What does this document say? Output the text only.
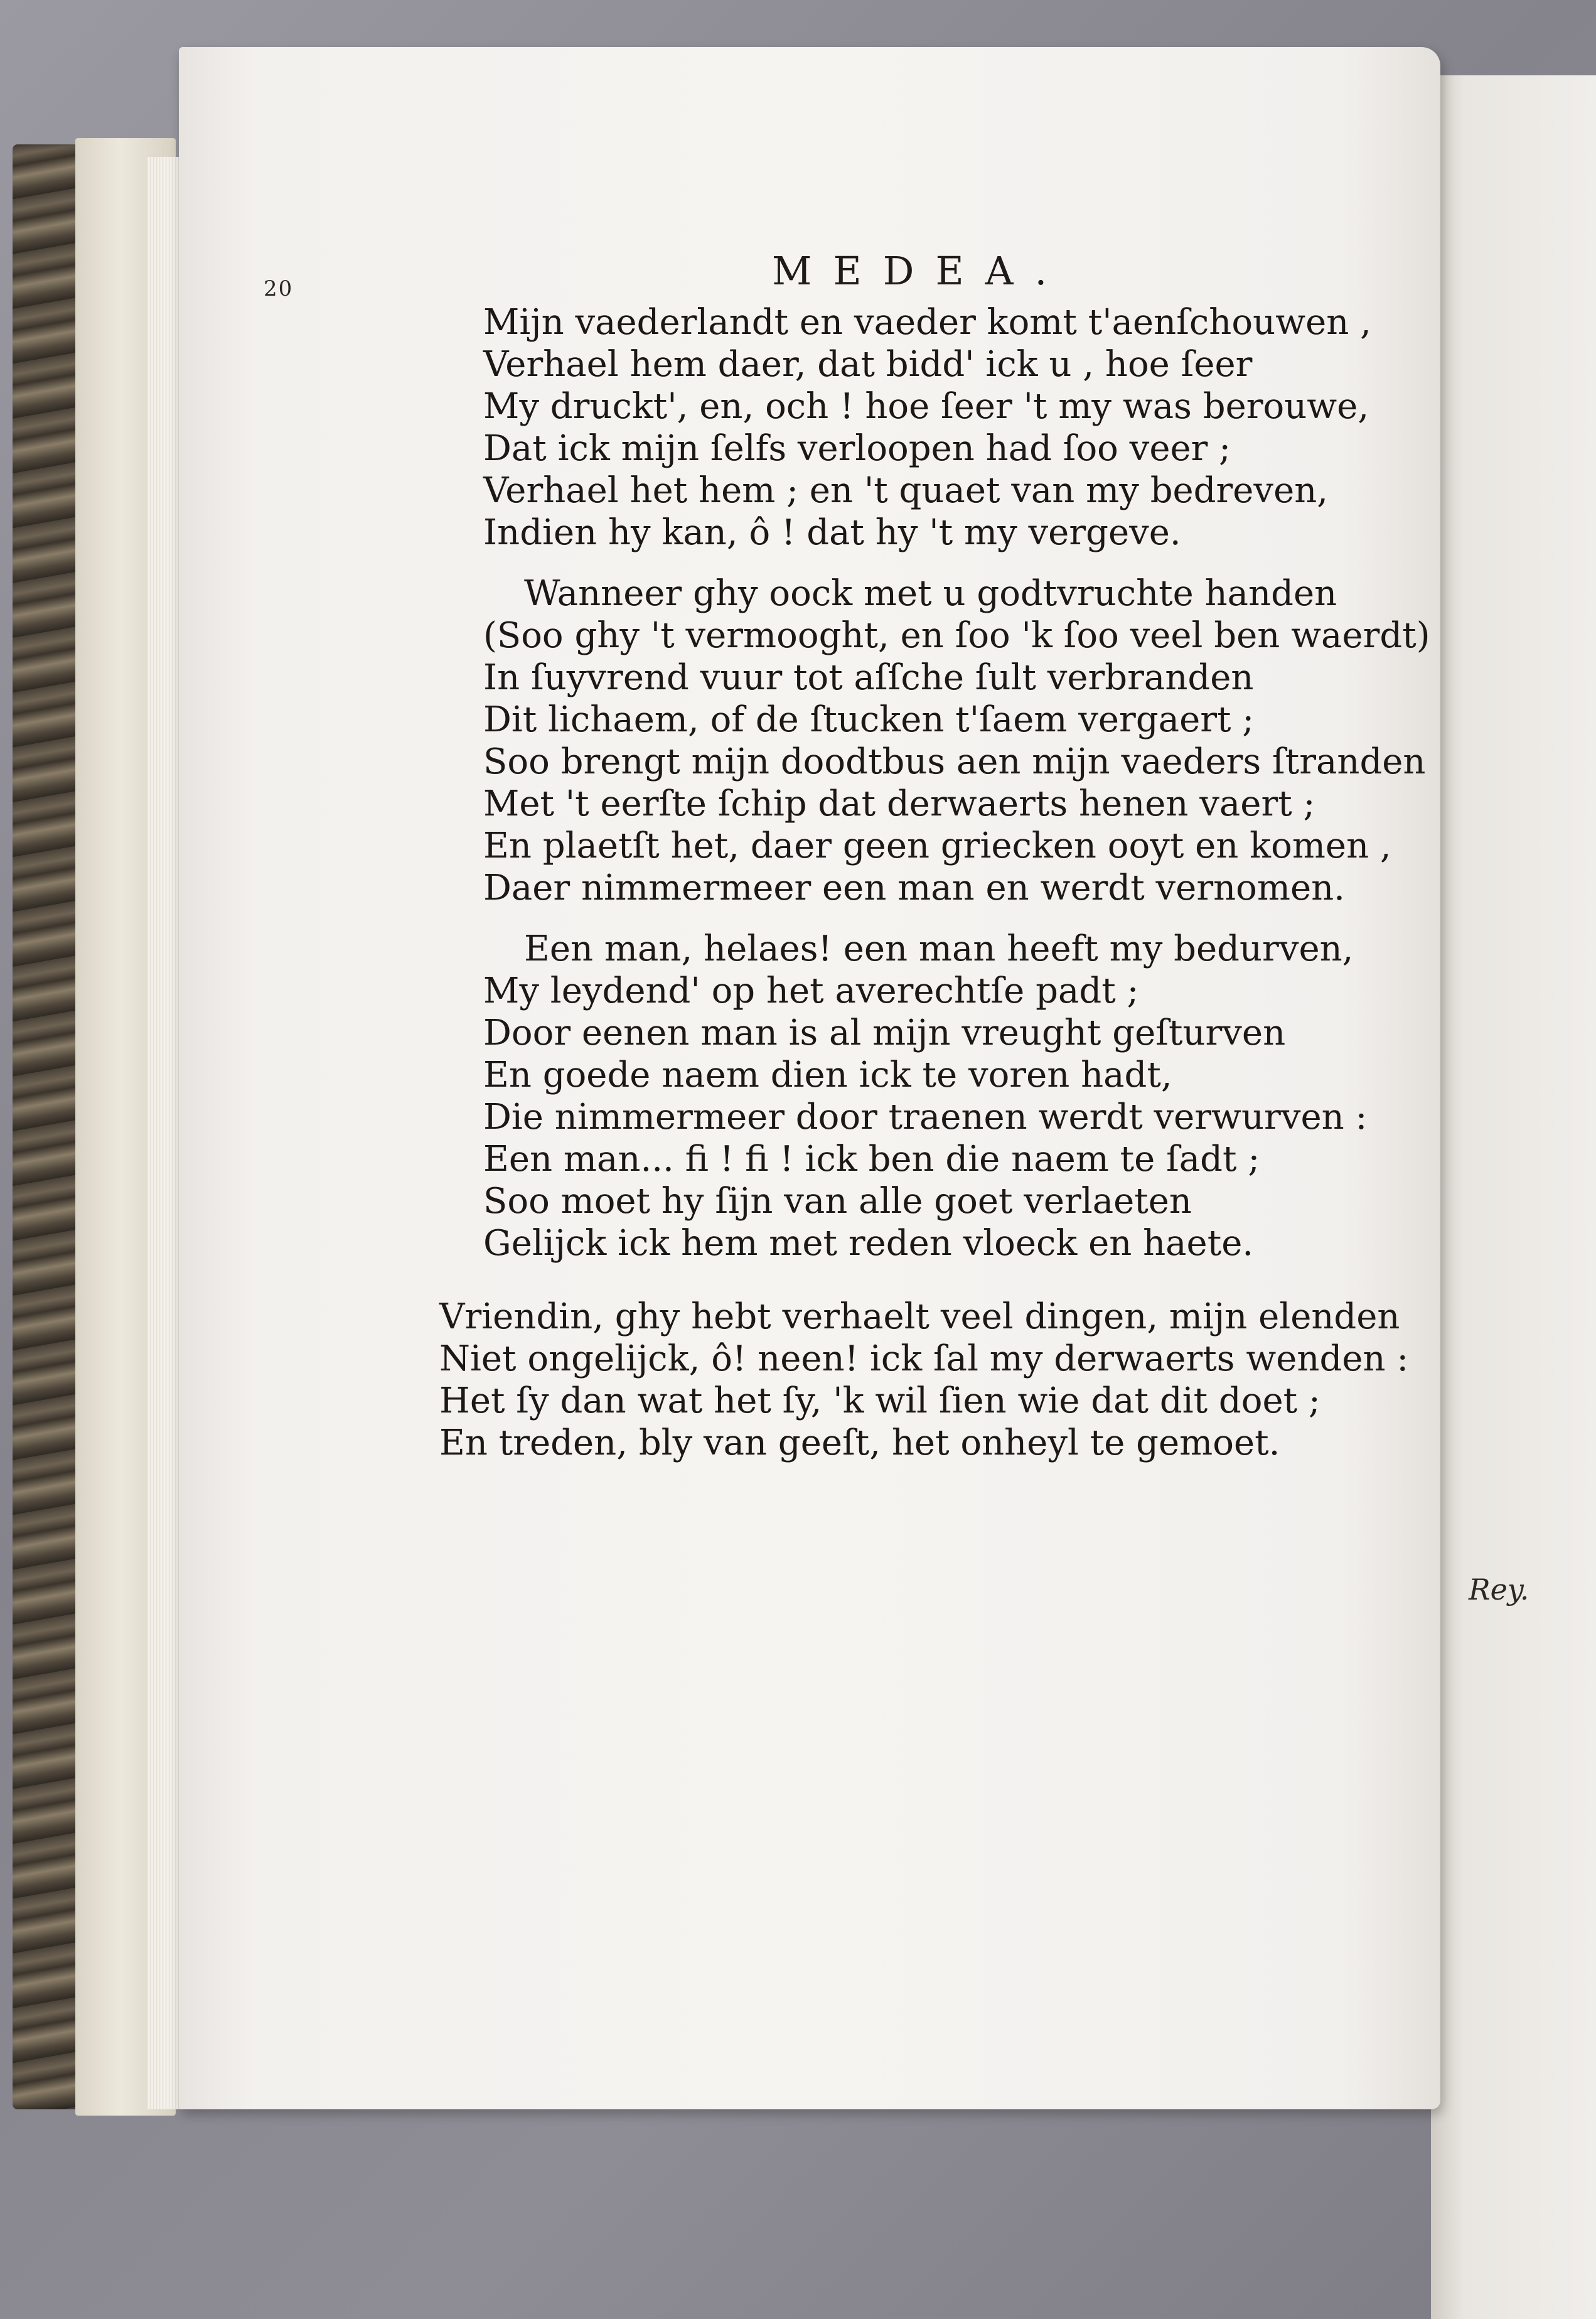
20	MEDEA.
Mijn vaederlandt en vaeder komt t'aenſchouwen ,
Verhael hem daer, dat bidd' ick u , hoe ſeer
My druckt', en, och ! hoe ſeer 't my was berouwe,
Dat ick mijn ſelfs verloopen had ſoo veer ;
Verhael het hem ; en 't quaet van my bedreven,
Indien hy kan, ô ! dat hy 't my vergeve.
Wanneer ghy oock met u godtvruchte handen
(Soo ghy 't vermooght, en ſoo 'k ſoo veel ben waerdt)
In ſuyvrend vuur tot aſſche ſult verbranden
Dit lichaem, of de ſtucken t'ſaem vergaert ;
Soo brengt mijn doodtbus aen mijn vaeders ſtranden
Met 't eerſte ſchip dat derwaerts henen vaert ;
En plaetſt het, daer geen griecken ooyt en komen ,
Daer nimmermeer een man en werdt vernomen.
Een man, helaes! een man heeft my bedurven,
My leydend' op het averechtſe padt ;
Door eenen man is al mijn vreught geſturven
En goede naem dien ick te voren hadt,
Die nimmermeer door traenen werdt verwurven :
Een man... fi ! fi ! ick ben die naem te ſadt ;
Soo moet hy ſijn van alle goet verlaeten
Gelijck ick hem met reden vloeck en haete.
Vriendin, ghy hebt verhaelt veel dingen, mijn elenden
Niet ongelijck, ô! neen! ick ſal my derwaerts wenden :
Het ſy dan wat het ſy, 'k wil ſien wie dat dit doet ;
En treden, bly van geeſt, het onheyl te gemoet.
Rey.
